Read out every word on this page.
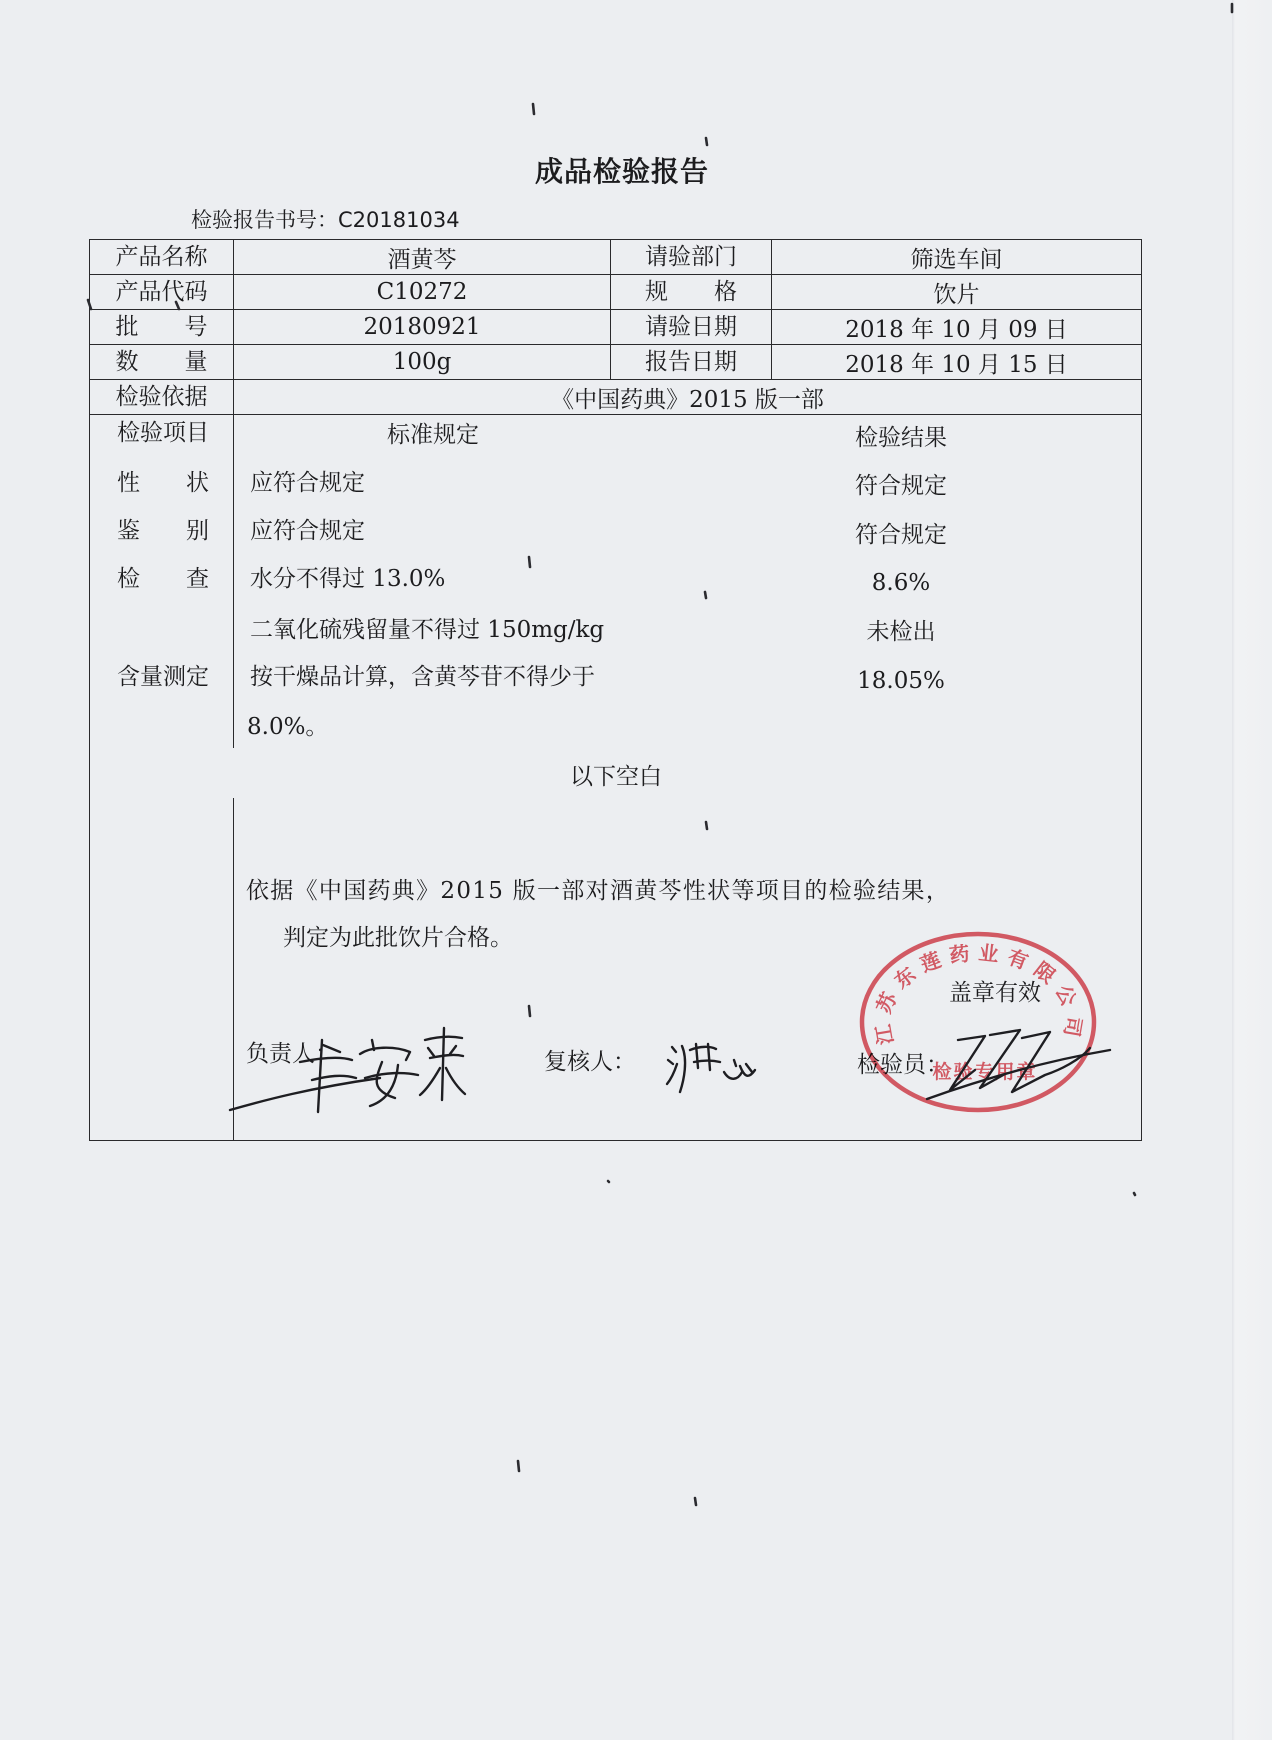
成品检验报告
检验报告书号：C20181034
产品名称	酒黄芩	请验部门	筛选车间
产品代码	C10272	规 格	饮片
批 号	20180921	请验日期	2018 年 10 月 09 日
数 量	100g	报告日期	2018 年 10 月 15 日
检验依据	《中国药典》2015 版一部
检验项目	标准规定	检验结果
性 状 应符合规定	符合规定
鉴 别 应符合规定	符合规定
检 查 水分不得过 13.0%	8.6%
二氧化硫残留量不得过 150mg/kg	未检出
含量测定 按干燥品计算，含黄芩苷不得少于	18.05%
8.0%。
以下空白
依据《中国药典》2015 版一部对酒黄芩性状等项目的检验结果，
判定为此批饮片合格。
盖章有效
负责人：	复核人：	检验员：
江苏东莲药业有限公司
检验专用章
